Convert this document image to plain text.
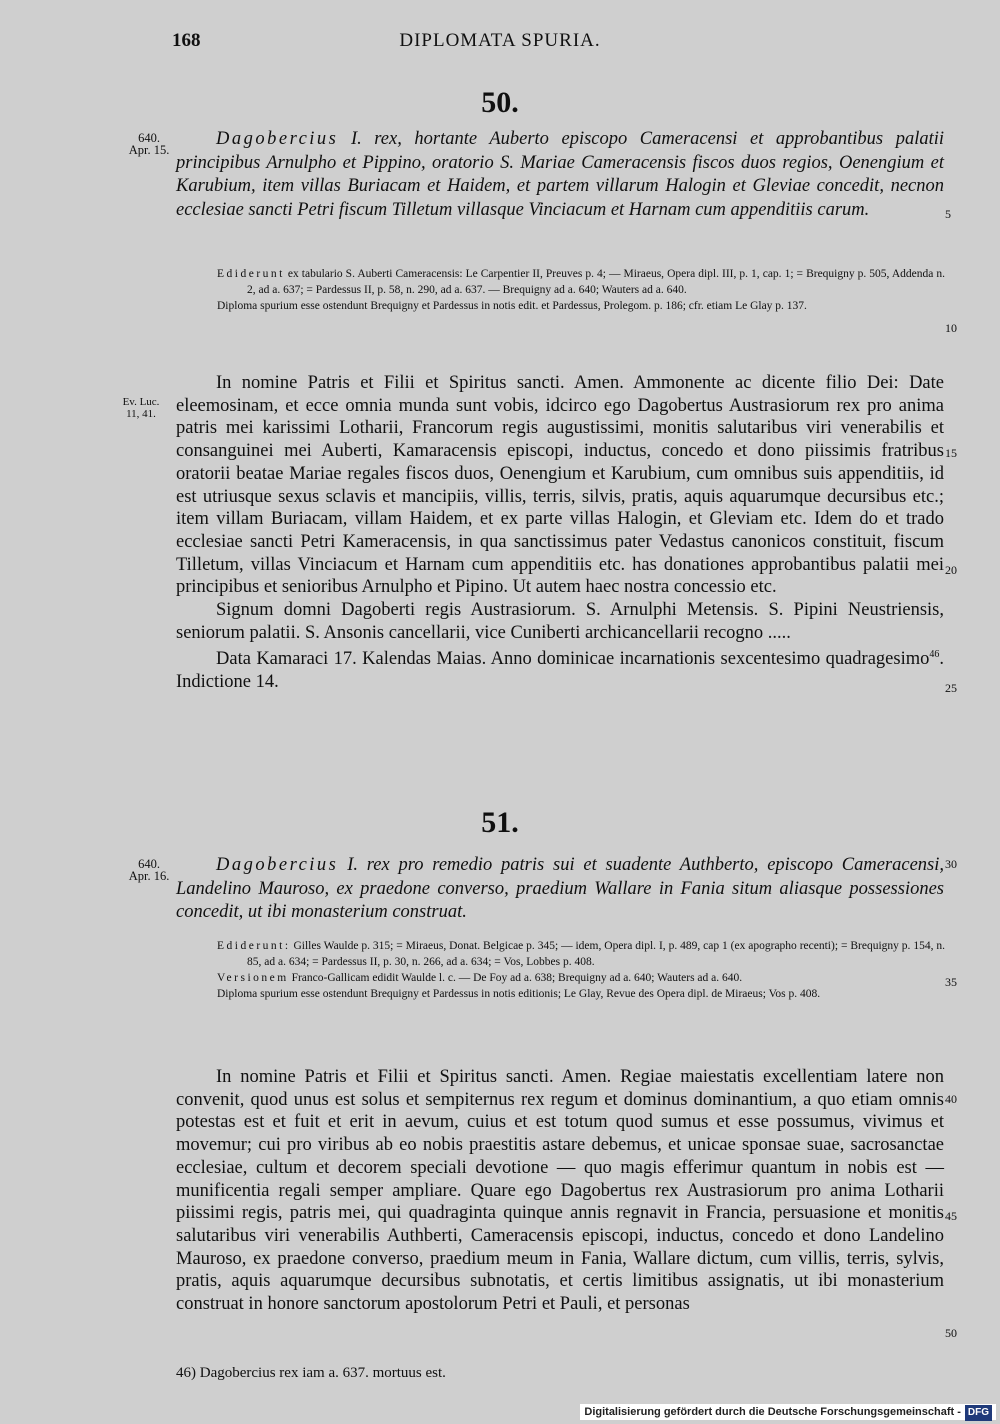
168	DIPLOMATA SPURIA.
50.
640.
Apr. 15.
Dagobercius I. rex, hortante Auberto episcopo Cameracensi et approbantibus palatii principibus Arnulpho et Pippino, oratorio S. Mariae Cameracensis fiscos duos regios, Oenengium et Karubium, item villas Buriacam et Haidem, et partem villarum Halogin et Gleviae concedit, necnon ecclesiae sancti Petri fiscum Tilletum villasque Vinciacum et Harnam cum appenditiis carum.

Ediderunt ex tabulario S. Auberti Cameracensis: Le Carpentier II, Preuves p. 4; — Miraeus, Opera dipl. III, p. 1, cap. 1; = Brequigny p. 505, Addenda n. 2, ad a. 637; = Pardessus II, p. 58, n. 290, ad a. 637. — Brequigny ad a. 640; Wauters ad a. 640.

Diploma spurium esse ostendunt Brequigny et Pardessus in notis edit. et Pardessus, Prolegom. p. 186; cfr. etiam Le Glay p. 137.

Ev. Luc.
11, 41.

In nomine Patris et Filii et Spiritus sancti. Amen. Ammonente ac dicente filio Dei: Date eleemosinam, et ecce omnia munda sunt vobis, idcirco ego Dagobertus Austrasiorum rex pro anima patris mei karissimi Lotharii, Francorum regis augustissimi, monitis salutaribus viri venerabilis et consanguinei mei Auberti, Kamaracensis episcopi, inductus, concedo et dono piissimis fratribus oratorii beatae Mariae regales fiscos duos, Oenengium et Karubium, cum omnibus suis appenditiis, id est utriusque sexus sclavis et mancipiis, villis, terris, silvis, pratis, aquis aquarumque decursibus etc.; item villam Buriacam, villam Haidem, et ex parte villas Halogin, et Gleviam etc. Idem do et trado ecclesiae sancti Petri Kameracensis, in qua sanctissimus pater Vedastus canonicos constituit, fiscum Tilletum, villas Vinciacum et Harnam cum appenditiis etc. has donationes approbantibus palatii mei principibus et senioribus Arnulpho et Pipino. Ut autem haec nostra concessio etc.

Signum domni Dagoberti regis Austrasiorum. S. Arnulphi Metensis. S. Pipini Neustriensis, seniorum palatii. S. Ansonis cancellarii, vice Cuniberti archicancellarii recogno .....

Data Kamaraci 17. Kalendas Maias. Anno dominicae incarnationis sexcentesimo quadragesimo$^{46}$. Indictione 14.

51.
640.
Apr. 16.
Dagobercius I. rex pro remedio patris sui et suadente Authberto, episcopo Cameracensi, Landelino Mauroso, ex praedone converso, praedium Wallare in Fania situm aliasque possessiones concedit, ut ibi monasterium construat.

Ediderunt: Gilles Waulde p. 315; = Miraeus, Donat. Belgicae p. 345; — idem, Opera dipl. I, p. 489, cap 1 (ex apographo recenti); = Brequigny p. 154, n. 85, ad a. 634; = Pardessus II, p. 30, n. 266, ad a. 634; = Vos, Lobbes p. 408.

Versionem Franco-Gallicam edidit Waulde l. c. — De Foy ad a. 638; Brequigny ad a. 640; Wauters ad a. 640.

Diploma spurium esse ostendunt Brequigny et Pardessus in notis editionis; Le Glay, Revue des Opera dipl. de Miraeus; Vos p. 408.

In nomine Patris et Filii et Spiritus sancti. Amen. Regiae maiestatis excellentiam latere non convenit, quod unus est solus et sempiternus rex regum et dominus dominantium, a quo etiam omnis potestas est et fuit et erit in aevum, cuius et est totum quod sumus et esse possumus, vivimus et movemur; cui pro viribus ab eo nobis praestitis astare debemus, et unicae sponsae suae, sacrosanctae ecclesiae, cultum et decorem speciali devotione — quo magis efferimur quantum in nobis est — munificentia regali semper ampliare. Quare ego Dagobertus rex Austrasiorum pro anima Lotharii piissimi regis, patris mei, qui quadraginta quinque annis regnavit in Francia, persuasione et monitis salutaribus viri venerabilis Authberti, Cameracensis episcopi, inductus, concedo et dono Landelino Mauroso, ex praedone converso, praedium meum in Fania, Wallare dictum, cum villis, terris, sylvis, pratis, aquis aquarumque decursibus subnotatis, et certis limitibus assignatis, ut ibi monasterium construat in honore sanctorum apostolorum Petri et Pauli, et personas

5
10
15
20
25
30
35
40
45
50
46) Dagobercius rex iam a. 637. mortuus est.
Digitalisierung gefördert durch die Deutsche Forschungsgemeinschaft - DFG
